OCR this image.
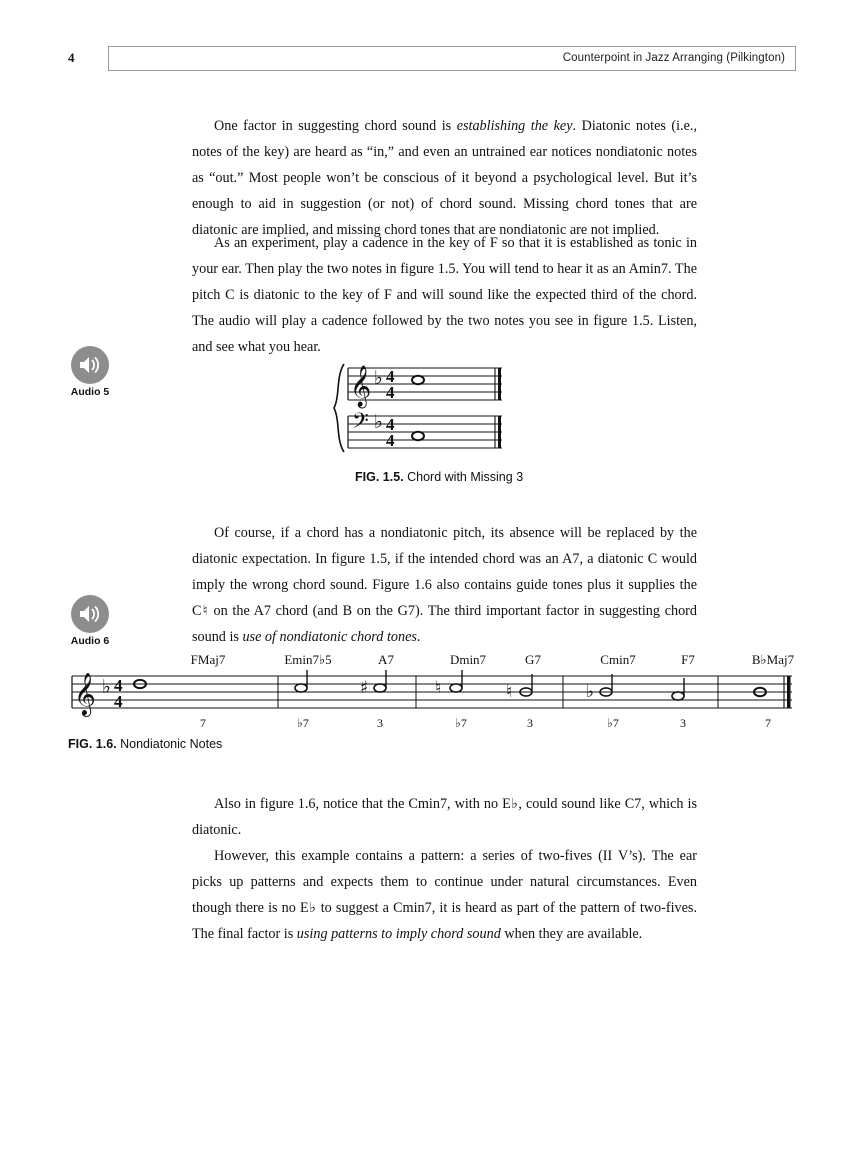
4	Counterpoint in Jazz Arranging (Pilkington)

One factor in suggesting chord sound is establishing the key. Diatonic notes (i.e., notes of the key) are heard as “in,” and even an untrained ear notices nondiatonic notes as “out.” Most people won’t be conscious of it beyond a psychological level. But it’s enough to aid in suggestion (or not) of chord sound. Missing chord tones that are diatonic are implied, and missing chord tones that are nondiatonic are not implied.

As an experiment, play a cadence in the key of F so that it is established as tonic in your ear. Then play the two notes in figure 1.5. You will tend to hear it as an Amin7. The pitch C is diatonic to the key of F and will sound like the expected third of the chord. The audio will play a cadence followed by the two notes you see in figure 1.5. Listen, and see what you hear.

Audio 5	𝄞
𝄢
♭
♭
4
4
4
4
FIG. 1.5. Chord with Missing 3

Of course, if a chord has a nondiatonic pitch, its absence will be replaced by the diatonic expectation. In figure 1.5, if the intended chord was an A7, a diatonic C would imply the wrong chord sound. Figure 1.6 also contains guide tones plus it supplies the C♮ on the A7 chord (and B on the G7). The third important factor in suggesting chord sound is use of nondiatonic chord tones.

Audio 6
FMaj7	Emin7♭5	A7	Dmin7	G7	Cmin7	F7	B♭Maj7
𝄞 ♭ 4
4
♯	♮	♮	♭
7	♭7	3	♭7	3	♭7	3	7
FIG. 1.6. Nondiatonic Notes

Also in figure 1.6, notice that the Cmin7, with no E♭, could sound like C7, which is diatonic.

However, this example contains a pattern: a series of two-fives (II V’s). The ear picks up patterns and expects them to continue under natural circumstances. Even though there is no E♭ to suggest a Cmin7, it is heard as part of the pattern of two-fives. The final factor is using patterns to imply chord sound when they are available.
